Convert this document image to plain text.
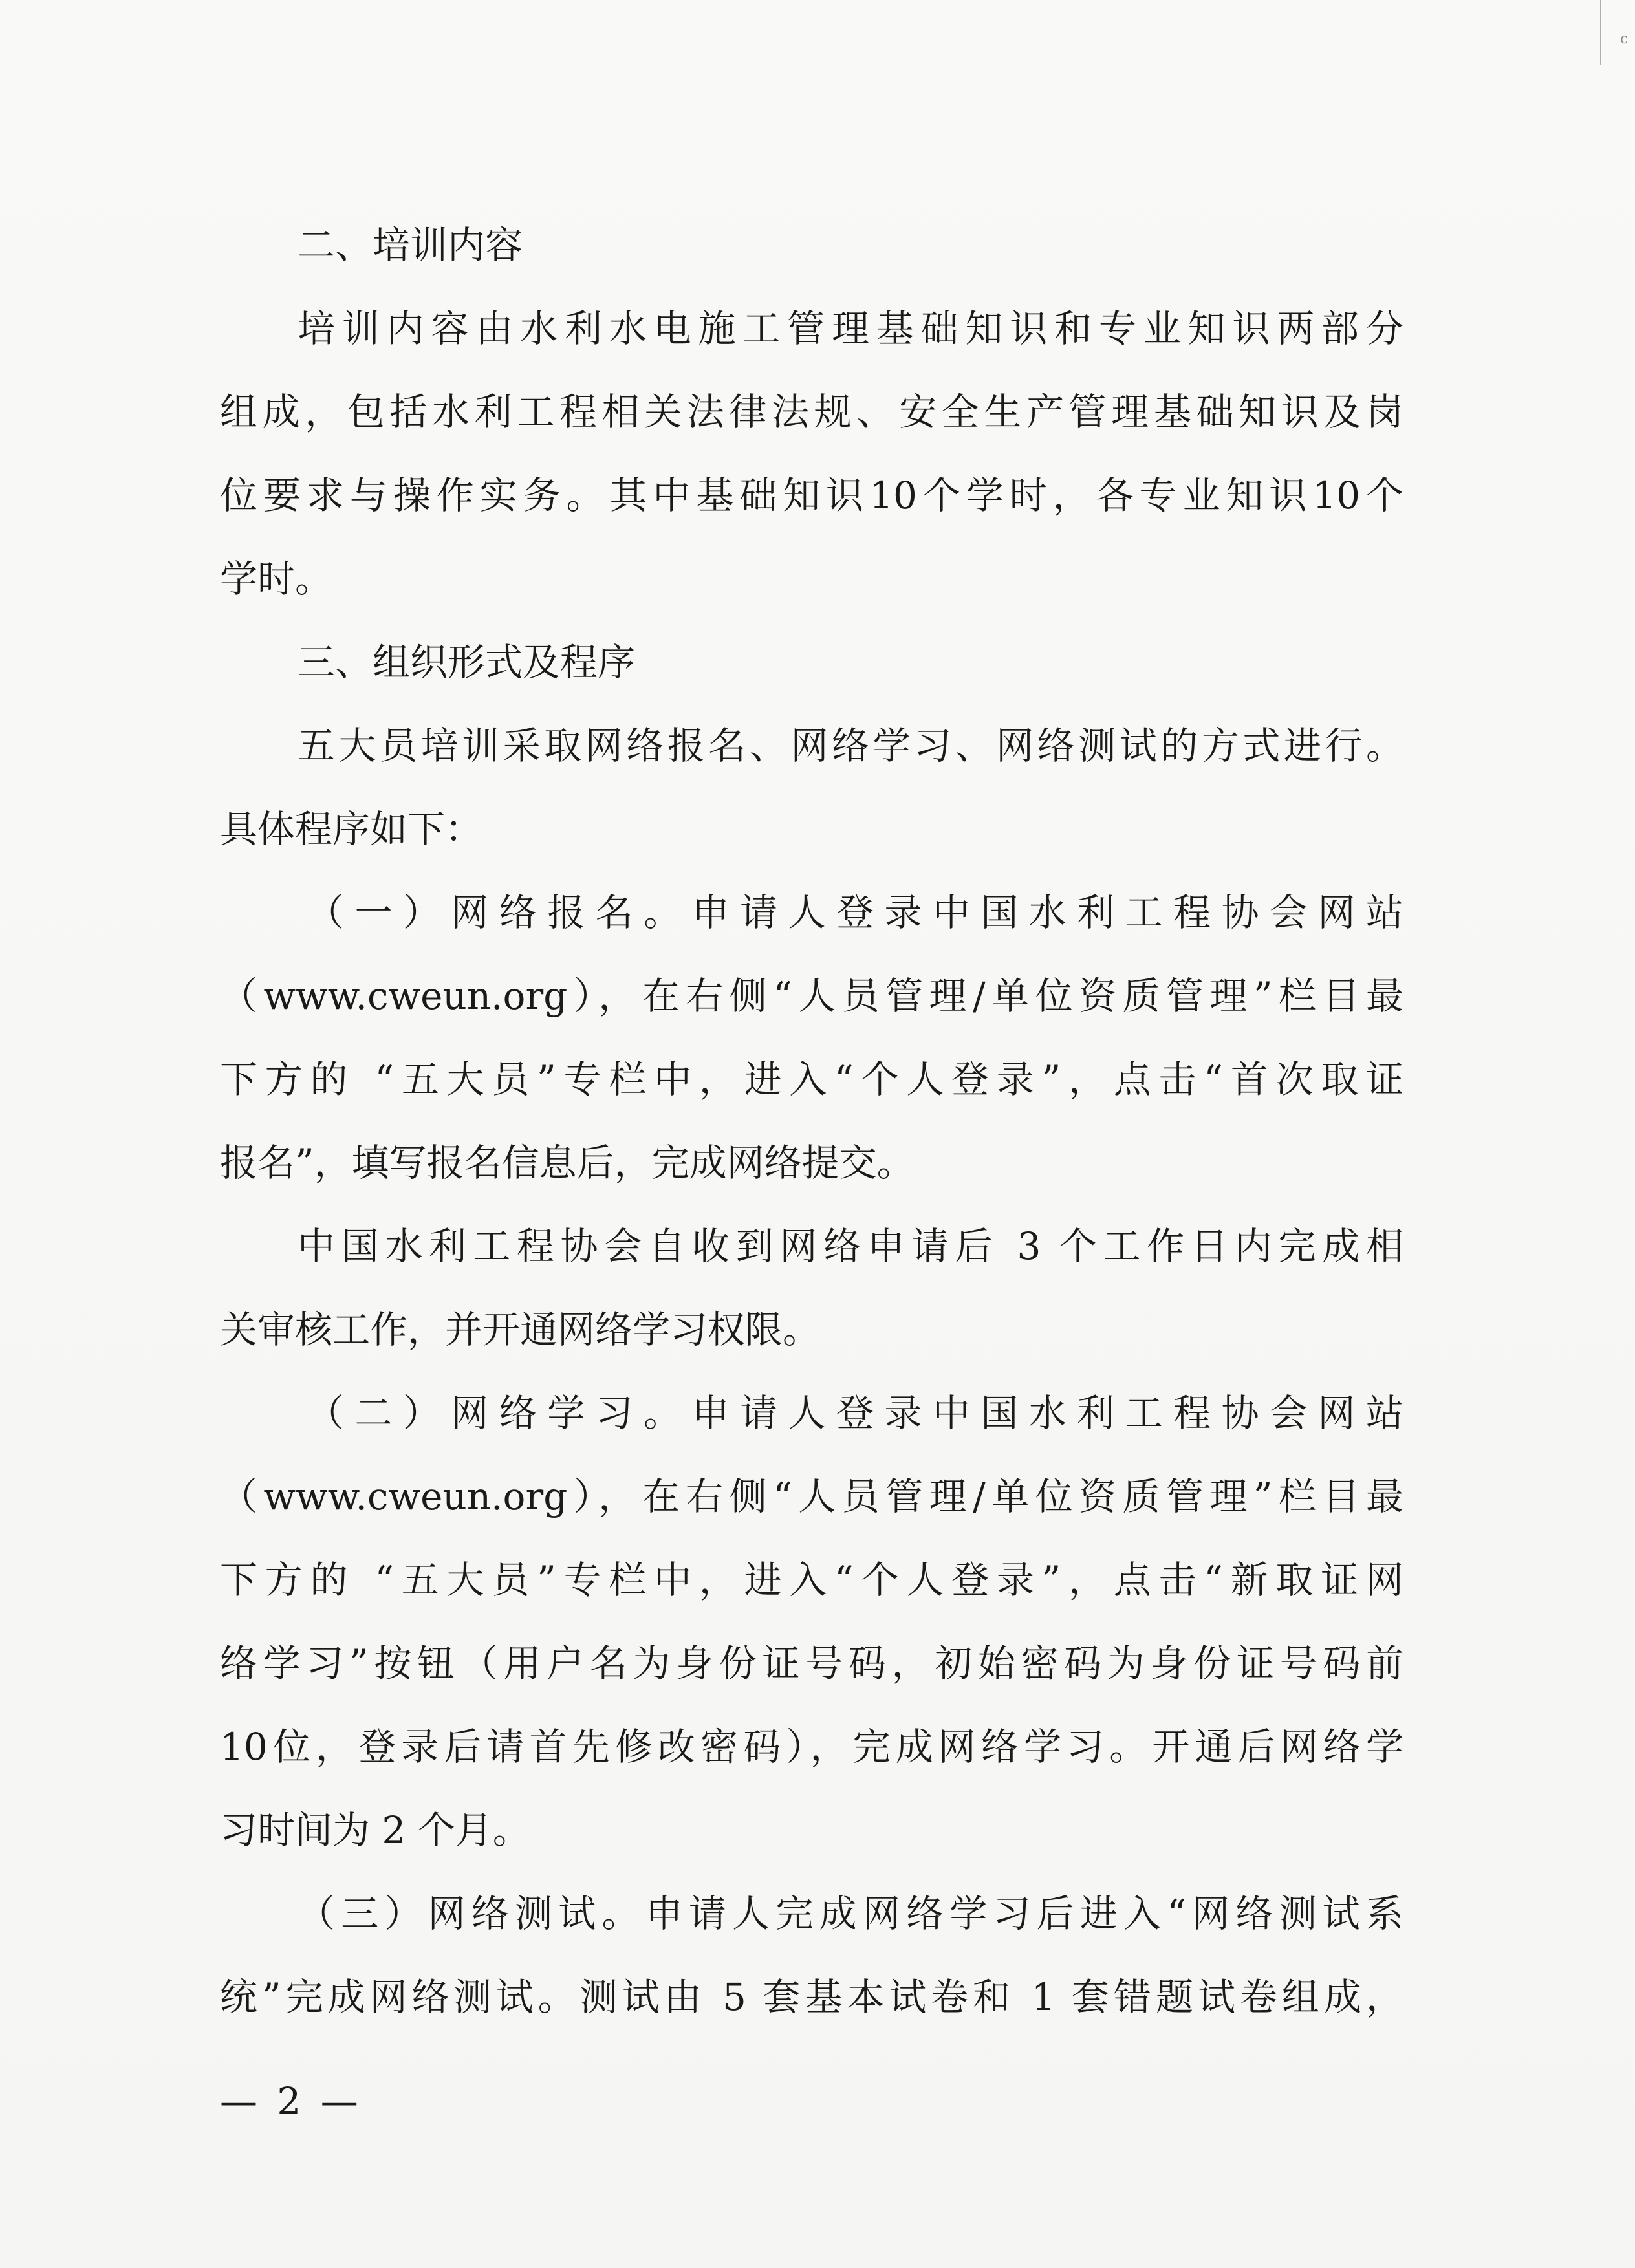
ⅽ
二、培训内容
培训内容由水利水电施工管理基础知识和专业知识两部分
组成，包括水利工程相关法律法规、安全生产管理基础知识及岗
位要求与操作实务。其中基础知识10个学时，各专业知识10个
学时。
三、组织形式及程序
五大员培训采取网络报名、网络学习、网络测试的方式进行。
具体程序如下：
（一）网络报名。申请人登录中国水利工程协会网站
（www.cweun.org），在右侧“人员管理/单位资质管理”栏目最
下方的 “五大员”专栏中，进入“个人登录”，点击“首次取证
报名”，填写报名信息后，完成网络提交。
中国水利工程协会自收到网络申请后 3 个工作日内完成相
关审核工作，并开通网络学习权限。
（二）网络学习。申请人登录中国水利工程协会网站
（www.cweun.org），在右侧“人员管理/单位资质管理”栏目最
下方的 “五大员”专栏中，进入“个人登录”，点击“新取证网
络学习”按钮（用户名为身份证号码，初始密码为身份证号码前
10位，登录后请首先修改密码），完成网络学习。开通后网络学
习时间为 2 个月。
（三）网络测试。申请人完成网络学习后进入“网络测试系
统”完成网络测试。测试由 5 套基本试卷和 1 套错题试卷组成，
— 2 —
